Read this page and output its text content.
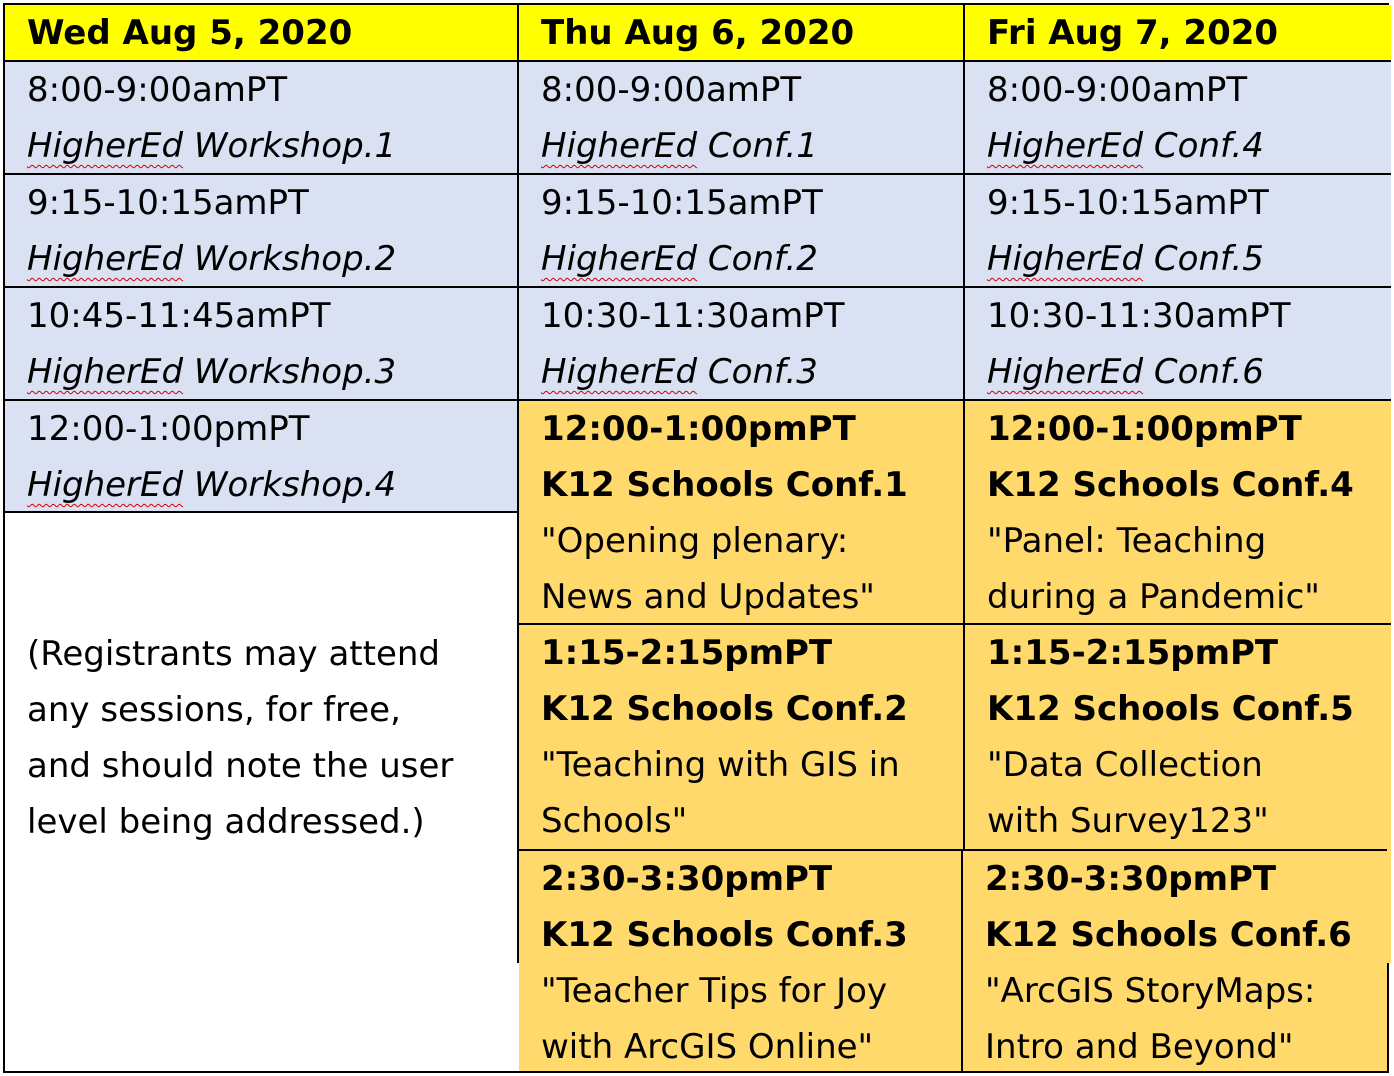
Wed Aug 5, 2020	Thu Aug 6, 2020	Fri Aug 7, 2020
8:00-9:00amPT
HigherEd Workshop.1
9:15-10:15amPT
HigherEd Workshop.2
10:45-11:45amPT
HigherEd Workshop.3
12:00-1:00pmPT
HigherEd Workshop.4
(Registrants may attend
any sessions, for free,
and should note the user
level being addressed.)
8:00-9:00amPT
HigherEd Conf.1
9:15-10:15amPT
HigherEd Conf.2
10:30-11:30amPT
HigherEd Conf.3
12:00-1:00pmPT
K12 Schools Conf.1
"Opening plenary:
News and Updates"
1:15-2:15pmPT
K12 Schools Conf.2
"Teaching with GIS in
Schools"
8:00-9:00amPT
HigherEd Conf.4
9:15-10:15amPT
HigherEd Conf.5
10:30-11:30amPT
HigherEd Conf.6
12:00-1:00pmPT
K12 Schools Conf.4
"Panel: Teaching
during a Pandemic"
1:15-2:15pmPT
K12 Schools Conf.5
"Data Collection
with Survey123"
2:30-3:30pmPT
K12 Schools Conf.3
"Teacher Tips for Joy
with ArcGIS Online"
2:30-3:30pmPT
K12 Schools Conf.6
"ArcGIS StoryMaps:
Intro and Beyond"
